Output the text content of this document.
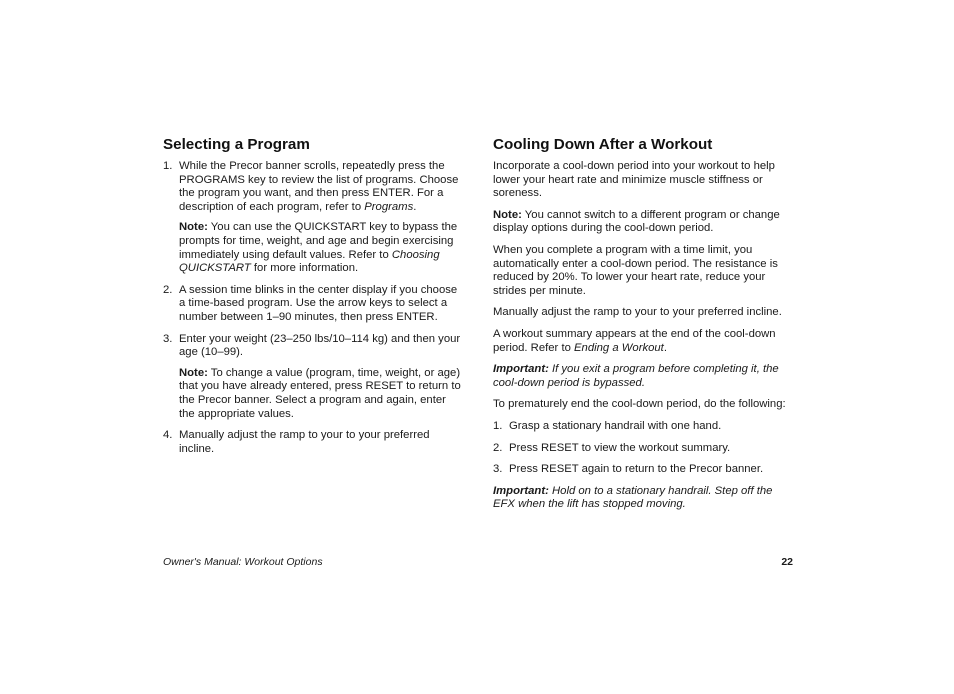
Selecting a Program
1. While the Precor banner scrolls, repeatedly press the PROGRAMS key to review the list of programs. Choose the program you want, and then press ENTER. For a description of each program, refer to Programs.
Note: You can use the QUICKSTART key to bypass the prompts for time, weight, and age and begin exercising immediately using default values. Refer to Choosing QUICKSTART for more information.
2. A session time blinks in the center display if you choose a time-based program. Use the arrow keys to select a number between 1–90 minutes, then press ENTER.
3. Enter your weight (23–250 lbs/10–114 kg) and then your age (10–99).
Note: To change a value (program, time, weight, or age) that you have already entered, press RESET to return to the Precor banner. Select a program and again, enter the appropriate values.
4. Manually adjust the ramp to your to your preferred incline.
Cooling Down After a Workout

Incorporate a cool-down period into your workout to help lower your heart rate and minimize muscle stiffness or soreness.

Note: You cannot switch to a different program or change display options during the cool-down period.

When you complete a program with a time limit, you automatically enter a cool-down period. The resistance is reduced by 20%. To lower your heart rate, reduce your strides per minute.

Manually adjust the ramp to your to your preferred incline.

A workout summary appears at the end of the cool-down period. Refer to Ending a Workout.

Important: If you exit a program before completing it, the cool-down period is bypassed.

To prematurely end the cool-down period, do the following:

1. Grasp a stationary handrail with one hand.
2. Press RESET to view the workout summary.
3. Press RESET again to return to the Precor banner.

Important: Hold on to a stationary handrail. Step off the EFX when the lift has stopped moving.

Owner's Manual: Workout Options	22
